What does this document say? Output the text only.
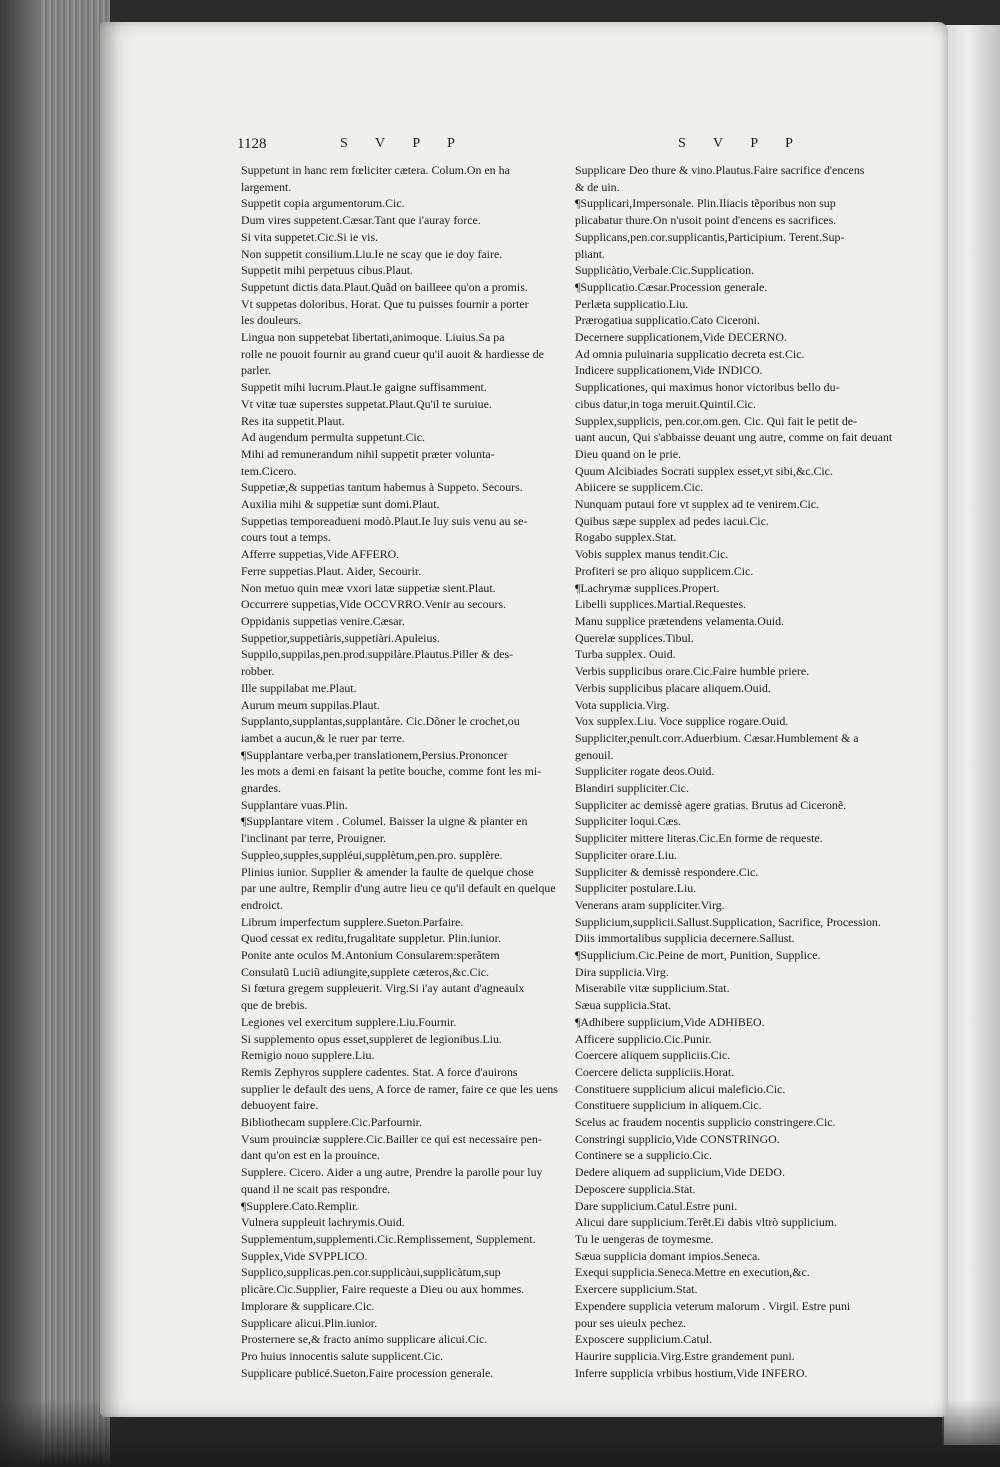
1128	S V P P	S V P P
Suppetunt in hanc rem fœliciter cætera. Colum.On en ha
largement.
Suppetit copia argumentorum.Cic.
Dum vires suppetent.Cæsar.Tant que i'auray force.
Si vita suppetet.Cic.Si ie vis.
Non suppetit consilium.Liu.Ie ne scay que ie doy faire.
Suppetit mihi perpetuus cibus.Plaut.
Suppetunt dictis data.Plaut.Quãd on bailleee qu'on a promis.
Vt suppetas doloribus. Horat. Que tu puisses fournir a porter
les douleurs.
Lingua non suppetebat libertati,animoque. Liuius.Sa pa
rolle ne pouoit fournir au grand cueur qu'il auoit & hardiesse de
parler.
Suppetit mihi lucrum.Plaut.Ie gaigne suffisamment.
Vt vitæ tuæ superstes suppetat.Plaut.Qu'il te suruiue.
Res ita suppetit.Plaut.
Ad augendum permulta suppetunt.Cic.
Mihi ad remunerandum nihil suppetit præter volunta-
tem.Cicero.
Suppetiæ,& suppetias tantum habemus à Suppeto. Secours.
Auxilia mihi & suppetiæ sunt domi.Plaut.
Suppetias temporeadueni modò.Plaut.Ie luy suis venu au se-
cours tout a temps.
Afferre suppetias,Vide AFFERO.
Ferre suppetias.Plaut. Aider, Secourir.
Non metuo quin meæ vxori latæ suppetiæ sient.Plaut.
Occurrere suppetias,Vide OCCVRRO.Venir au secours.
Oppidanis suppetias venire.Cæsar.
Suppetior,suppetiàris,suppetiàri.Apuleius.
Suppilo,suppilas,pen.prod.suppilàre.Plautus.Piller & des-
robber.
Ille suppilabat me.Plaut.
Aurum meum suppilas.Plaut.
Supplanto,supplantas,supplantàre. Cic.Dõner le crochet,ou
iambet a aucun,& le ruer par terre.
¶Supplantare verba,per translationem,Persius.Prononcer
les mots a demi en faisant la petite bouche, comme font les mi-
gnardes.
Supplantare vuas.Plin.
¶Supplantare vitem . Columel. Baisser la uigne & planter en
l'inclinant par terre, Prouigner.
Suppleo,supples,suppléui,supplètum,pen.pro. supplère.
Plinius iunior. Supplier & amender la faulte de quelque chose
par une aultre, Remplir d'ung autre lieu ce qu'il default en quelque
endroict.
Librum imperfectum supplere.Sueton.Parfaire.
Quod cessat ex reditu,frugalitate suppletur. Plin.iunior.
Ponite ante oculos M.Antonium Consularem:sperãtem
Consulatũ Luciũ adiungite,supplete cæteros,&c.Cic.
Si fœtura gregem suppleuerit. Virg.Si i'ay autant d'agneaulx
que de brebis.
Legiones vel exercitum supplere.Liu.Fournir.
Si supplemento opus esset,suppleret de legionibus.Liu.
Remigio nouo supplere.Liu.
Remis Zephyros supplere cadentes. Stat. A force d'auirons
supplier le default des uens, A force de ramer, faire ce que les uens
debuoyent faire.
Bibliothecam supplere.Cic.Parfournir.
Vsum prouinciæ supplere.Cic.Bailler ce qui est necessaire pen-
dant qu'on est en la prouince.
Supplere. Cicero. Aider a ung autre, Prendre la parolle pour luy
quand il ne scait pas respondre.
¶Supplere.Cato.Remplir.
Vulnera suppleuit lachrymis.Ouid.
Supplementum,supplementi.Cic.Remplissement, Supplement.
Supplex,Vide SVPPLICO.
Supplico,supplicas.pen.cor.supplicàui,supplicàtum,sup
plicàre.Cic.Supplier, Faire requeste a Dieu ou aux hommes.
Implorare & supplicare.Cic.
Supplicare alicui.Plin.iunior.
Prosternere se,& fracto animo supplicare alicui.Cic.
Pro huius innocentis salute supplicent.Cic.
Supplicare publicé.Sueton.Faire procession generale.
Supplicare Deo thure & vino.Plautus.Faire sacrifice d'encens
& de uin.
¶Supplicari,Impersonale. Plin.Iliacis tẽporibus non sup
plicabatur thure.On n'usoit point d'encens es sacrifices.
Supplicans,pen.cor.supplicantis,Participium. Terent.Sup-
pliant.
Supplicàtio,Verbale.Cic.Supplication.
¶Supplicatio.Cæsar.Procession generale.
Perlæta supplicatio.Liu.
Prærogatiua supplicatio.Cato Ciceroni.
Decernere supplicationem,Vide DECERNO.
Ad omnia puluinaria supplicatio decreta est.Cic.
Indicere supplicationem,Vide INDICO.
Supplicationes, qui maximus honor victoribus bello du-
cibus datur,in toga meruit.Quintil.Cic.
Supplex,supplicis, pen.cor.om.gen. Cic. Qui fait le petit de-
uant aucun, Qui s'abbaisse deuant ung autre, comme on fait deuant
Dieu quand on le prie.
Quum Alcibiades Socrati supplex esset,vt sibi,&c.Cic.
Abiicere se supplicem.Cic.
Nunquam putaui fore vt supplex ad te venirem.Cic.
Quibus sæpe supplex ad pedes iacui.Cic.
Rogabo supplex.Stat.
Vobis supplex manus tendit.Cic.
Profiteri se pro aliquo supplicem.Cic.
¶Lachrymæ supplices.Propert.
Libelli supplices.Martial.Requestes.
Manu supplice prætendens velamenta.Ouid.
Querelæ supplices.Tibul.
Turba supplex. Ouid.
Verbis supplicibus orare.Cic.Faire humble priere.
Verbis supplicibus placare aliquem.Ouid.
Vota supplicia.Virg.
Vox supplex.Liu. Voce supplice rogare.Ouid.
Suppliciter,penult.corr.Aduerbium. Cæsar.Humblement & a
genouil.
Suppliciter rogate deos.Ouid.
Blandiri suppliciter.Cic.
Suppliciter ac demissè agere gratias. Brutus ad Ciceronẽ.
Suppliciter loqui.Cæs.
Suppliciter mittere literas.Cic.En forme de requeste.
Suppliciter orare.Liu.
Suppliciter & demissè respondere.Cic.
Suppliciter postulare.Liu.
Venerans aram suppliciter.Virg.
Supplicium,supplicii.Sallust.Supplication, Sacrifice, Procession.
Diis immortalibus supplicia decernere.Sallust.
¶Supplicium.Cic.Peine de mort, Punition, Supplice.
Dira supplicia.Virg.
Miserabile vitæ supplicium.Stat.
Sæua supplicia.Stat.
¶Adhibere supplicium,Vide ADHIBEO.
Afficere supplicio.Cic.Punir.
Coercere aliquem suppliciis.Cic.
Coercere delicta suppliciis.Horat.
Constituere supplicium alicui maleficio.Cic.
Constituere supplicium in aliquem.Cic.
Scelus ac fraudem nocentis supplicio constringere.Cic.
Constringi supplicio,Vide CONSTRINGO.
Continere se a supplicio.Cic.
Dedere aliquem ad supplicium,Vide DEDO.
Deposcere supplicia.Stat.
Dare supplicium.Catul.Estre puni.
Alicui dare supplicium.Terẽt.Ei dabis vltrò supplicium.
Tu le uengeras de toymesme.
Sæua supplicia domant impios.Seneca.
Exequi supplicia.Seneca.Mettre en execution,&c.
Exercere supplicium.Stat.
Expendere supplicia veterum malorum . Virgil. Estre puni
pour ses uieulx pechez.
Exposcere supplicium.Catul.
Haurire supplicia.Virg.Estre grandement puni.
Inferre supplicia vrbibus hostium,Vide INFERO.
